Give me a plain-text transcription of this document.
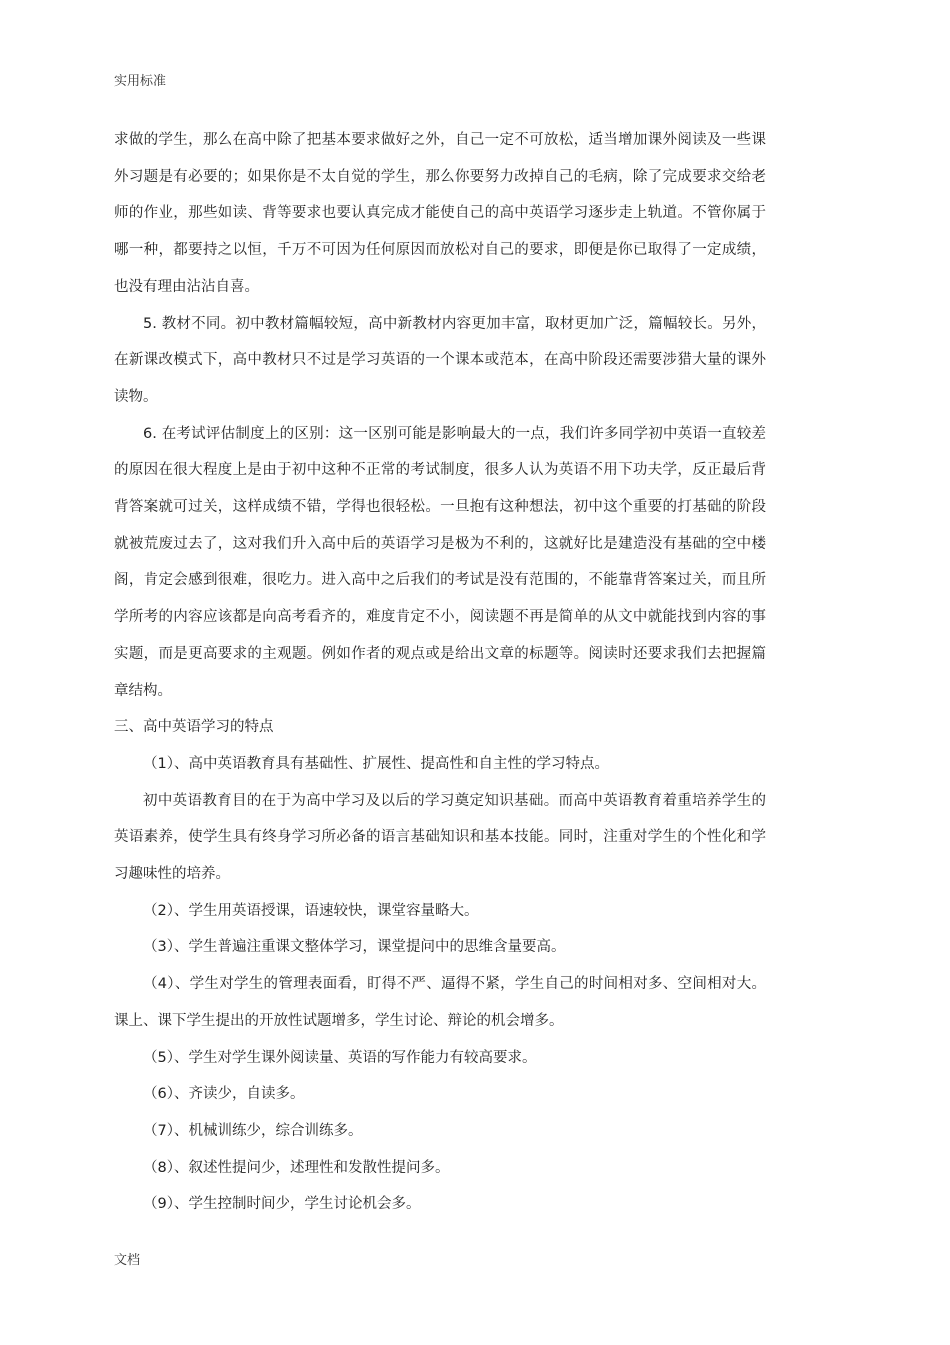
实用标准

求做的学生，那么在高中除了把基本要求做好之外，自己一定不可放松，适当增加课外阅读及一些课外习题是有必要的；如果你是不太自觉的学生，那么你要努力改掉自己的毛病，除了完成要求交给老师的作业，那些如读、背等要求也要认真完成才能使自己的高中英语学习逐步走上轨道。不管你属于哪一种，都要持之以恒，千万不可因为任何原因而放松对自己的要求，即便是你已取得了一定成绩，也没有理由沾沾自喜。

5. 教材不同。初中教材篇幅较短，高中新教材内容更加丰富，取材更加广泛，篇幅较长。另外，在新课改模式下，高中教材只不过是学习英语的一个课本或范本，在高中阶段还需要涉猎大量的课外读物。

6. 在考试评估制度上的区别：这一区别可能是影响最大的一点，我们许多同学初中英语一直较差的原因在很大程度上是由于初中这种不正常的考试制度，很多人认为英语不用下功夫学，反正最后背背答案就可过关，这样成绩不错，学得也很轻松。一旦抱有这种想法，初中这个重要的打基础的阶段就被荒废过去了，这对我们升入高中后的英语学习是极为不利的，这就好比是建造没有基础的空中楼阁，肯定会感到很难，很吃力。进入高中之后我们的考试是没有范围的，不能靠背答案过关，而且所学所考的内容应该都是向高考看齐的，难度肯定不小，阅读题不再是简单的从文中就能找到内容的事实题，而是更高要求的主观题。例如作者的观点或是给出文章的标题等。阅读时还要求我们去把握篇章结构。

三、高中英语学习的特点

（1）、高中英语教育具有基础性、扩展性、提高性和自主性的学习特点。

初中英语教育目的在于为高中学习及以后的学习奠定知识基础。而高中英语教育着重培养学生的英语素养，使学生具有终身学习所必备的语言基础知识和基本技能。同时，注重对学生的个性化和学习趣味性的培养。

（2）、学生用英语授课，语速较快，课堂容量略大。

（3）、学生普遍注重课文整体学习，课堂提问中的思维含量要高。

（4）、学生对学生的管理表面看，盯得不严、逼得不紧，学生自己的时间相对多、空间相对大。课上、课下学生提出的开放性试题增多，学生讨论、辩论的机会增多。

（5）、学生对学生课外阅读量、英语的写作能力有较高要求。

（6）、齐读少，自读多。

（7）、机械训练少，综合训练多。

（8）、叙述性提问少，述理性和发散性提问多。

（9）、学生控制时间少，学生讨论机会多。

文档
